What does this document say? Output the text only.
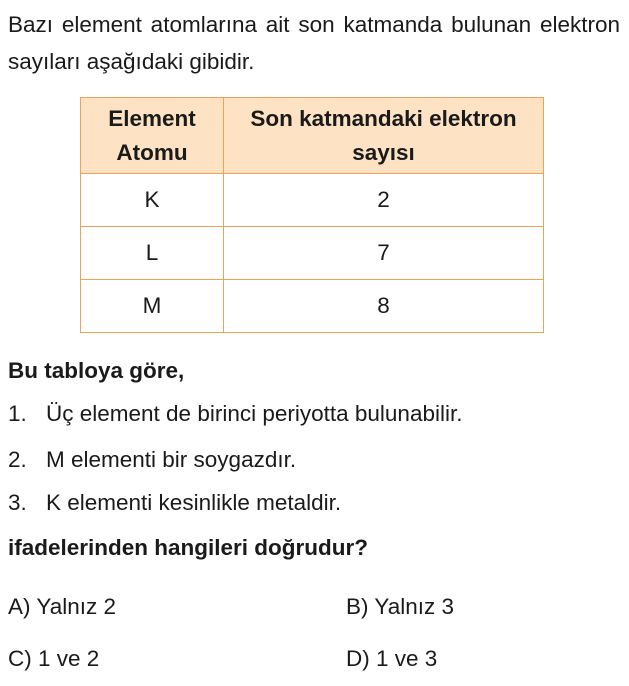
Bazı element atomlarına ait son katmanda bulunan elektron sayıları aşağıdaki gibidir.
Element Atomu	Son katmandaki elektron sayısı
K	2
L	7
M	8
Bu tabloya göre,
1. Üç element de birinci periyotta bulunabilir.
2. M elementi bir soygazdır.
3. K elementi kesinlikle metaldir.
ifadelerinden hangileri doğrudur?
A) Yalnız 2	B) Yalnız 3
C) 1 ve 2	D) 1 ve 3
